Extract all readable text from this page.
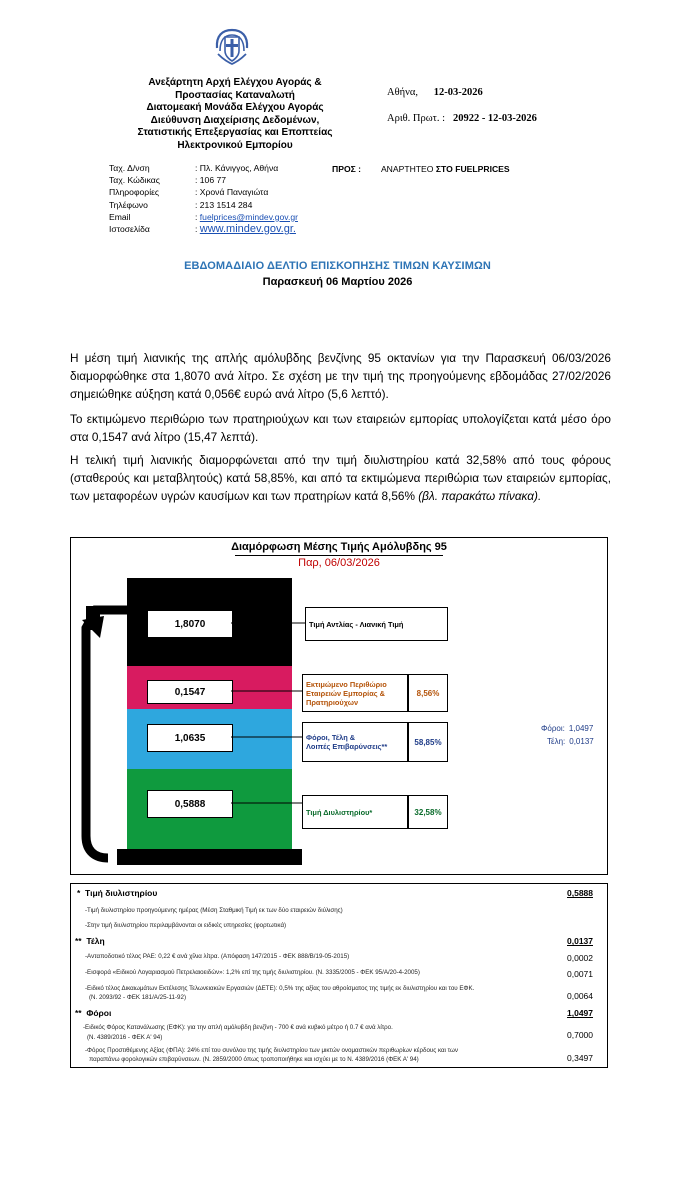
Ανεξάρτητη Αρχή Ελέγχου Αγοράς &
Προστασίας Καταναλωτή
Διατομεακή Μονάδα Ελέγχου Αγοράς
Διεύθυνση Διαχείρισης Δεδομένων,
Στατιστικής Επεξεργασίας και Εποπτείας
Ηλεκτρονικού Εμπορίου
Αθήνα, 12-03-2026
Αριθ. Πρωτ. : 20922 - 12-03-2026
Ταχ. Δ/νση	: Πλ. Κάνιγγος, Αθήνα
Ταχ. Κώδικας	: 106 77
Πληροφορίες	: Χρονά Παναγιώτα
Τηλέφωνο	: 213 1514 284
Email	: fuelprices@mindev.gov.gr
Ιστοσελίδα	: www.mindev.gov.gr.
ΠΡΟΣ : ΑΝΑΡΤΗΤΕΟ ΣΤΟ FUELPRICES
ΕΒΔΟΜΑΔΙΑΙΟ ΔΕΛΤΙΟ ΕΠΙΣΚΟΠΗΣΗΣ ΤΙΜΩΝ ΚΑΥΣΙΜΩΝ
Παρασκευή 06 Μαρτίου 2026
Η μέση τιμή λιανικής της απλής αμόλυβδης βενζίνης 95 οκτανίων για την Παρασκευή 06/03/2026 διαμορφώθηκε στα 1,8070 ανά λίτρο. Σε σχέση με την τιμή της προηγούμενης εβδομάδας 27/02/2026 σημειώθηκε αύξηση κατά 0,056€ ευρώ ανά λίτρο (5,6 λεπτό).
Το εκτιμώμενο περιθώριο των πρατηριούχων και των εταιρειών εμπορίας υπολογίζεται κατά μέσο όρο στα 0,1547 ανά λίτρο (15,47 λεπτά).
Η τελική τιμή λιανικής διαμορφώνεται από την τιμή διυλιστηρίου κατά 32,58% από τους φόρους (σταθερούς και μεταβλητούς) κατά 58,85%, και από τα εκτιμώμενα περιθώρια των εταιρειών εμπορίας, των μεταφορέων υγρών καυσίμων και των πρατηρίων κατά 8,56% (βλ. παρακάτω πίνακα).
Διαμόρφωση Μέσης Τιμής Αμόλυβδης 95
Παρ, 06/03/2026
1,8070
0,1547
1,0635
0,5888
Τιμή Αντλίας - Λιανική Τιμή
Εκτιμώμενο Περιθώριο
Εταιρειών Εμπορίας &
Πρατηριούχων
8,56%
Φόροι, Τέλη &
Λοιπές Επιβαρύνσεις**	58,85%
Τιμή Διυλιστηρίου*	32,58%
Φόροι: 1,0497
Τέλη: 0,0137
* Τιμή διυλιστηρίου	0,5888
-Τιμή διυλιστηρίου προηγούμενης ημέρας (Μέση Σταθμική Τιμή εκ των δύο εταιρειών διύλισης)
-Στην τιμή διυλιστηρίου περιλαμβάνονται οι ειδικές υπηρεσίες (φορτωτικά)
** Τέλη	0,0137
-Ανταποδοτικό τέλος ΡΑΕ: 0,22 € ανά χίλια λίτρα. (Απόφαση 147/2015 - ΦΕΚ 888/Β/19-05-2015)	0,0002
-Εισφορά «Ειδικού Λογαριασμού Πετρελαιοειδών»: 1,2% επί της τιμής διυλιστηρίου. (Ν. 3335/2005 - ΦΕΚ 95/Α/20-4-2005)	0,0071
-Ειδικό τέλος Δικαιωμάτων Εκτέλεσης Τελωνειακών Εργασιών (ΔΕΤΕ): 0,5% της αξίας του αθροίσματος της τιμής εκ διυλιστηρίου και του ΕΦΚ.
(Ν. 2093/92 - ΦΕΚ 181/Α/25-11-92)	0,0064
** Φόροι	1,0497
-Ειδικός Φόρος Κατανάλωσης (ΕΦΚ): για την απλή αμόλυβδη βενζίνη - 700 € ανά κυβικό μέτρο ή 0.7 € ανά λίτρο.
(Ν. 4389/2016 - ΦΕΚ Α' 94)	0,7000
-Φόρος Προστιθέμενης Αξίας (ΦΠΑ): 24% επί του συνόλου της τιμής διυλιστηρίου των μικτών ονομαστικών περιθωρίων κέρδους και των
παραπάνω φορολογικών επιβαρύνσεων. (Ν. 2859/2000 όπως τροποποιήθηκε και ισχύει με το Ν. 4389/2016 (ΦΕΚ Α' 94)	0,3497
